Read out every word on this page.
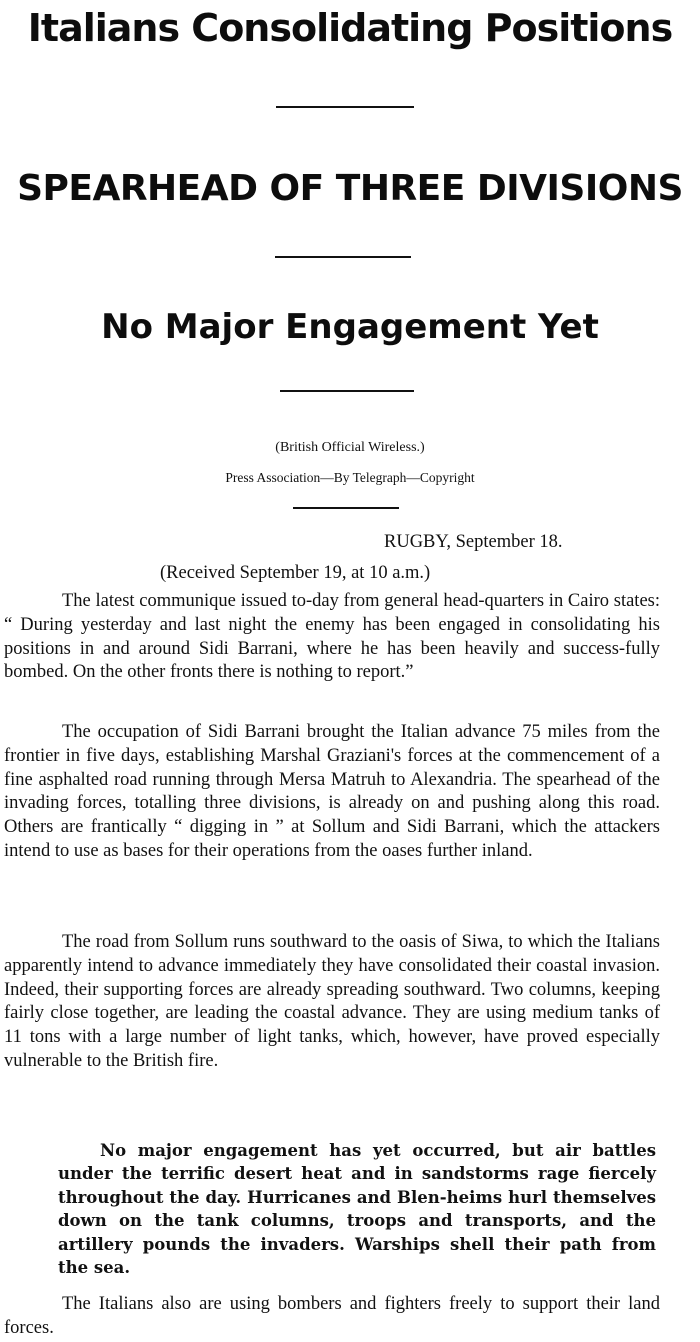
Italians Consolidating Positions
SPEARHEAD OF THREE DIVISIONS
No Major Engagement Yet
(British Official Wireless.)
Press Association—By Telegraph—Copyright
RUGBY, September 18.
(Received September 19, at 10 a.m.)

The latest communique issued to-day from general head-quarters in Cairo states: “ During yesterday and last night the enemy has been engaged in consolidating his positions in and around Sidi Barrani, where he has been heavily and success-fully bombed. On the other fronts there is nothing to report.”

The occupation of Sidi Barrani brought the Italian advance 75 miles from the frontier in five days, establishing Marshal Graziani's forces at the commencement of a fine asphalted road running through Mersa Matruh to Alexandria. The spearhead of the invading forces, totalling three divisions, is already on and pushing along this road. Others are frantically “ digging in ” at Sollum and Sidi Barrani, which the attackers intend to use as bases for their operations from the oases further inland.

The road from Sollum runs southward to the oasis of Siwa, to which the Italians apparently intend to advance immediately they have consolidated their coastal invasion. Indeed, their supporting forces are already spreading southward. Two columns, keeping fairly close together, are leading the coastal advance. They are using medium tanks of 11 tons with a large number of light tanks, which, however, have proved especially vulnerable to the British fire.

No major engagement has yet occurred, but air battles under the terrific desert heat and in sandstorms rage fiercely throughout the day. Hurricanes and Blen-heims hurl themselves down on the tank columns, troops and transports, and the artillery pounds the invaders. Warships shell their path from the sea.

The Italians also are using bombers and fighters freely to support their land forces.
